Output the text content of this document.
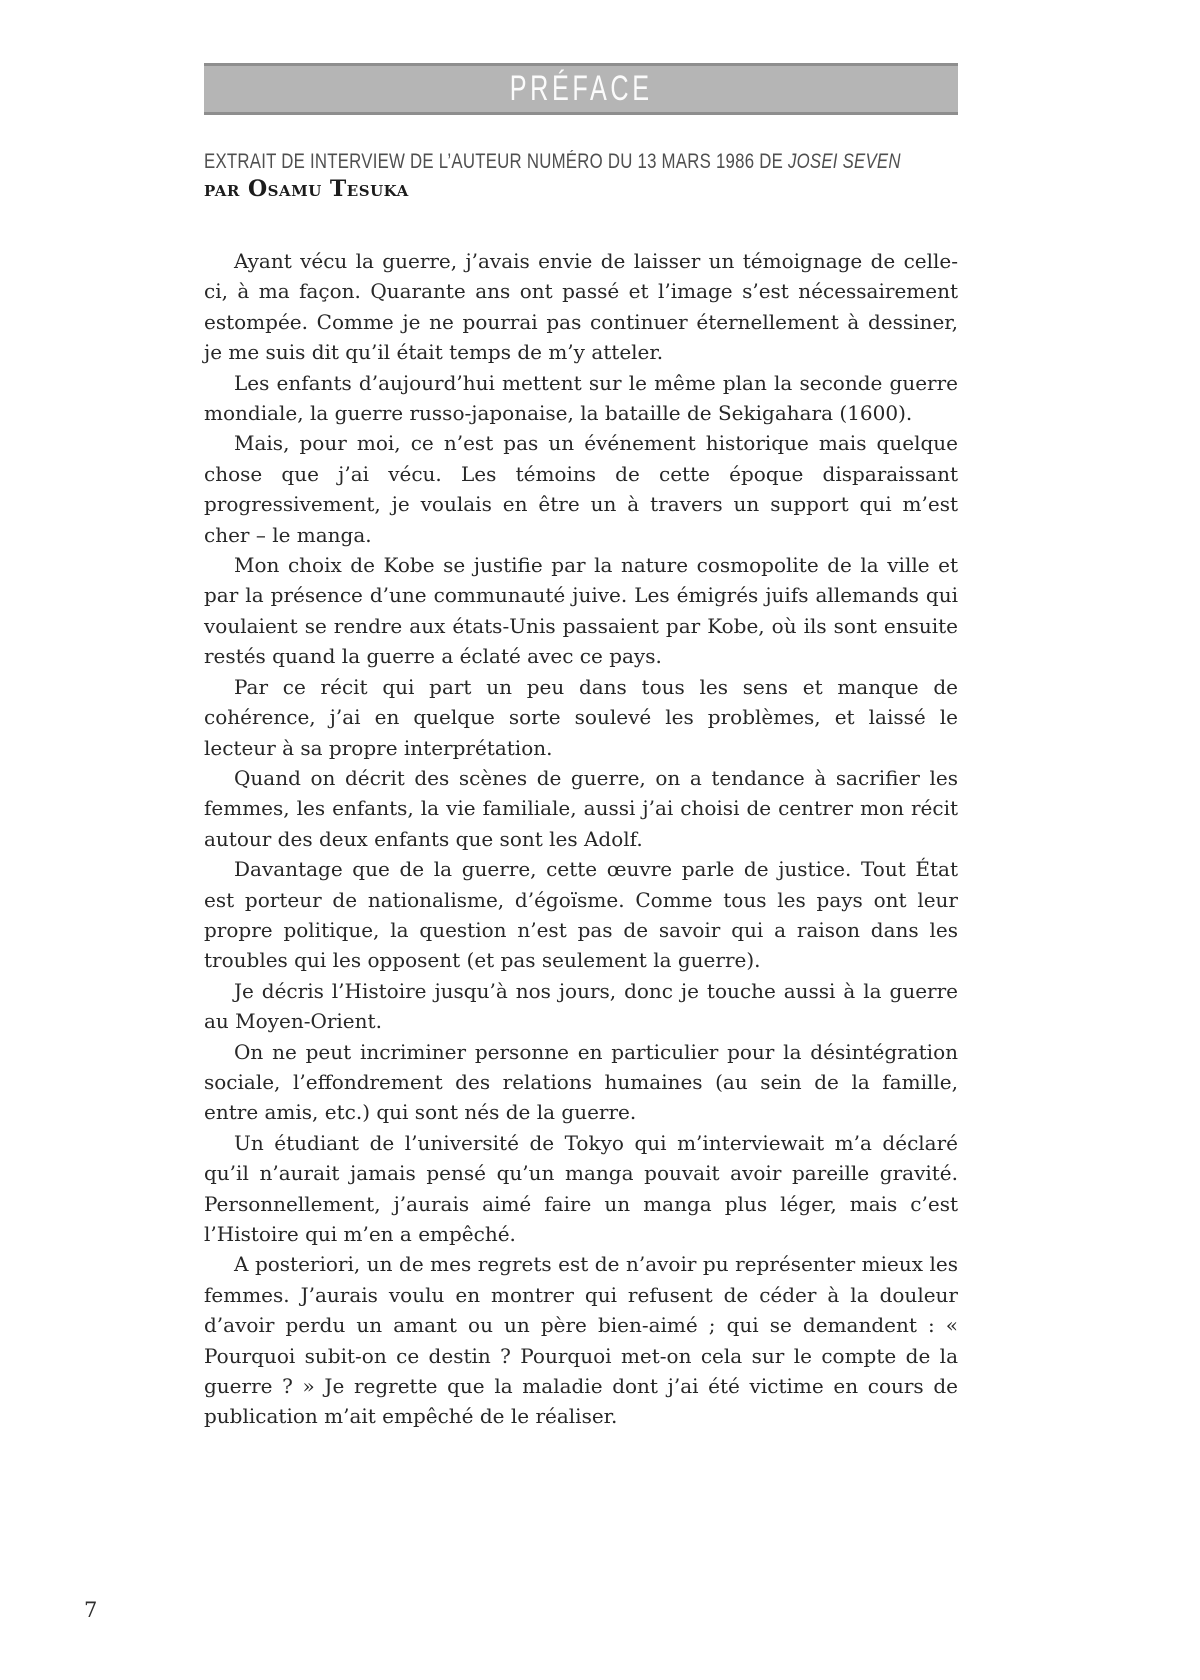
PRÉFACE
EXTRAIT DE INTERVIEW DE L’AUTEUR NUMÉRO DU 13 MARS 1986 DE JOSEI SEVEN
par Osamu Tesuka

Ayant vécu la guerre, j’avais envie de laisser un témoignage de celle-ci, à ma façon. Quarante ans ont passé et l’image s’est nécessairement estompée. Comme je ne pourrai pas continuer éternellement à dessiner, je me suis dit qu’il était temps de m’y atteler.

Les enfants d’aujourd’hui mettent sur le même plan la seconde guerre mondiale, la guerre russo-japonaise, la bataille de Sekigahara (1600).

Mais, pour moi, ce n’est pas un événement historique mais quelque chose que j’ai vécu. Les témoins de cette époque disparaissant progressivement, je voulais en être un à travers un support qui m’est cher – le manga.

Mon choix de Kobe se justifie par la nature cosmopolite de la ville et par la présence d’une communauté juive. Les émigrés juifs allemands qui voulaient se rendre aux états-Unis passaient par Kobe, où ils sont ensuite restés quand la guerre a éclaté avec ce pays.

Par ce récit qui part un peu dans tous les sens et manque de cohérence, j’ai en quelque sorte soulevé les problèmes, et laissé le lecteur à sa propre interprétation.

Quand on décrit des scènes de guerre, on a tendance à sacrifier les femmes, les enfants, la vie familiale, aussi j’ai choisi de centrer mon récit autour des deux enfants que sont les Adolf.

Davantage que de la guerre, cette œuvre parle de justice. Tout État est porteur de nationalisme, d’égoïsme. Comme tous les pays ont leur propre politique, la question n’est pas de savoir qui a raison dans les troubles qui les opposent (et pas seulement la guerre).

Je décris l’Histoire jusqu’à nos jours, donc je touche aussi à la guerre au Moyen-Orient.

On ne peut incriminer personne en particulier pour la désintégration sociale, l’effondrement des relations humaines (au sein de la famille, entre amis, etc.) qui sont nés de la guerre.

Un étudiant de l’université de Tokyo qui m’interviewait m’a déclaré qu’il n’aurait jamais pensé qu’un manga pouvait avoir pareille gravité. Personnellement, j’aurais aimé faire un manga plus léger, mais c’est l’Histoire qui m’en a empêché.

A posteriori, un de mes regrets est de n’avoir pu représenter mieux les femmes. J’aurais voulu en montrer qui refusent de céder à la douleur d’avoir perdu un amant ou un père bien-aimé ; qui se demandent : « Pourquoi subit-on ce destin ? Pourquoi met-on cela sur le compte de la guerre ? » Je regrette que la maladie dont j’ai été victime en cours de publication m’ait empêché de le réaliser.

7
